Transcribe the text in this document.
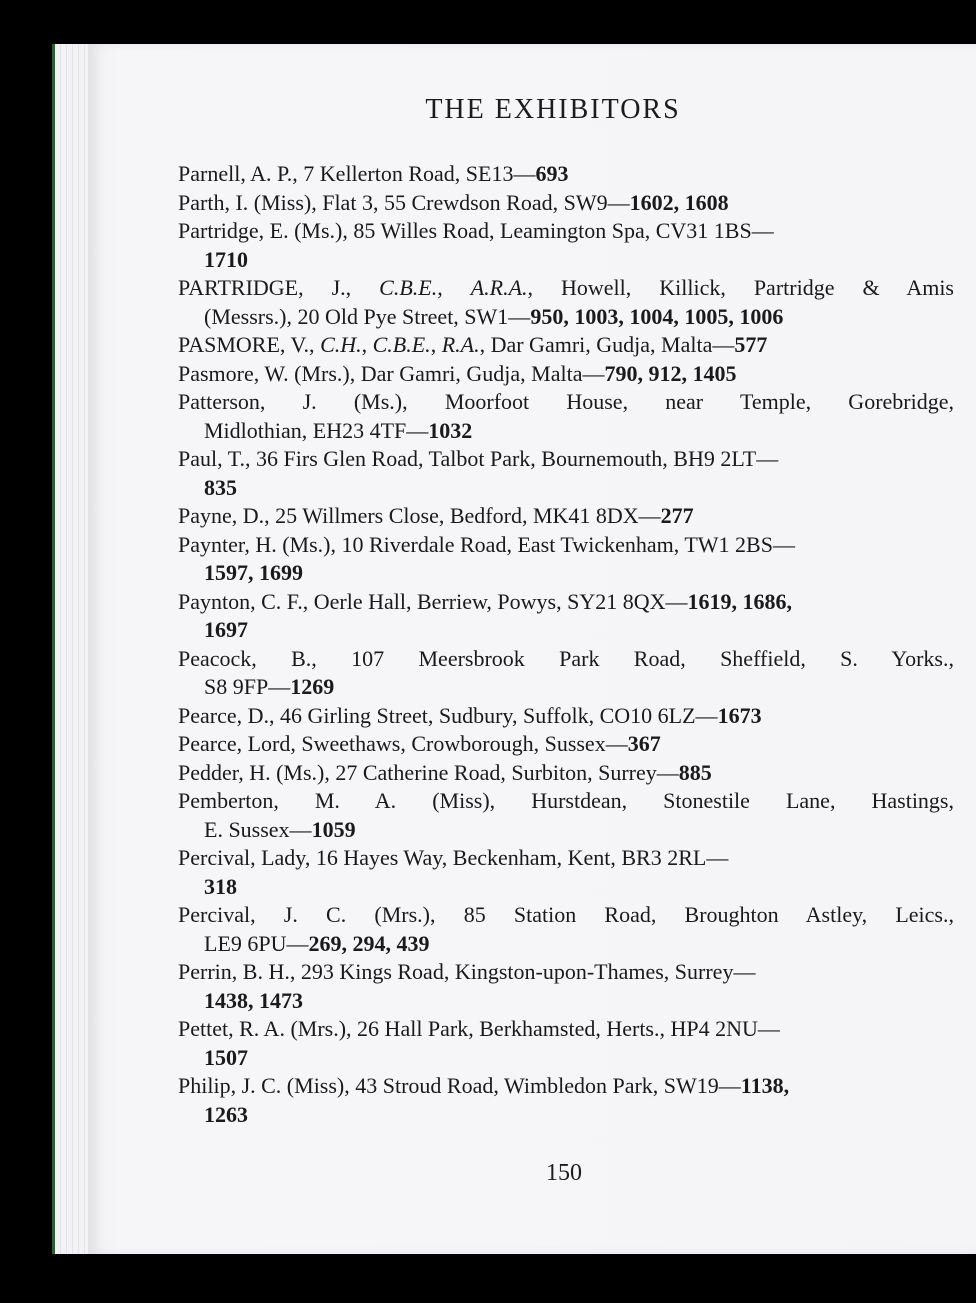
THE EXHIBITORS
Parnell, A. P., 7 Kellerton Road, SE13—693
Parth, I. (Miss), Flat 3, 55 Crewdson Road, SW9—1602, 1608
Partridge, E. (Ms.), 85 Willes Road, Leamington Spa, CV31 1BS—
1710
PARTRIDGE, J., C.B.E., A.R.A., Howell, Killick, Partridge & Amis
(Messrs.), 20 Old Pye Street, SW1—950, 1003, 1004, 1005, 1006
PASMORE, V., C.H., C.B.E., R.A., Dar Gamri, Gudja, Malta—577
Pasmore, W. (Mrs.), Dar Gamri, Gudja, Malta—790, 912, 1405
Patterson, J. (Ms.), Moorfoot House, near Temple, Gorebridge,
Midlothian, EH23 4TF—1032
Paul, T., 36 Firs Glen Road, Talbot Park, Bournemouth, BH9 2LT—
835
Payne, D., 25 Willmers Close, Bedford, MK41 8DX—277
Paynter, H. (Ms.), 10 Riverdale Road, East Twickenham, TW1 2BS—
1597, 1699
Paynton, C. F., Oerle Hall, Berriew, Powys, SY21 8QX—1619, 1686,
1697
Peacock, B., 107 Meersbrook Park Road, Sheffield, S. Yorks.,
S8 9FP—1269
Pearce, D., 46 Girling Street, Sudbury, Suffolk, CO10 6LZ—1673
Pearce, Lord, Sweethaws, Crowborough, Sussex—367
Pedder, H. (Ms.), 27 Catherine Road, Surbiton, Surrey—885
Pemberton, M. A. (Miss), Hurstdean, Stonestile Lane, Hastings,
E. Sussex—1059
Percival, Lady, 16 Hayes Way, Beckenham, Kent, BR3 2RL—
318
Percival, J. C. (Mrs.), 85 Station Road, Broughton Astley, Leics.,
LE9 6PU—269, 294, 439
Perrin, B. H., 293 Kings Road, Kingston-upon-Thames, Surrey—
1438, 1473
Pettet, R. A. (Mrs.), 26 Hall Park, Berkhamsted, Herts., HP4 2NU—
1507
Philip, J. C. (Miss), 43 Stroud Road, Wimbledon Park, SW19—1138,
1263
150
